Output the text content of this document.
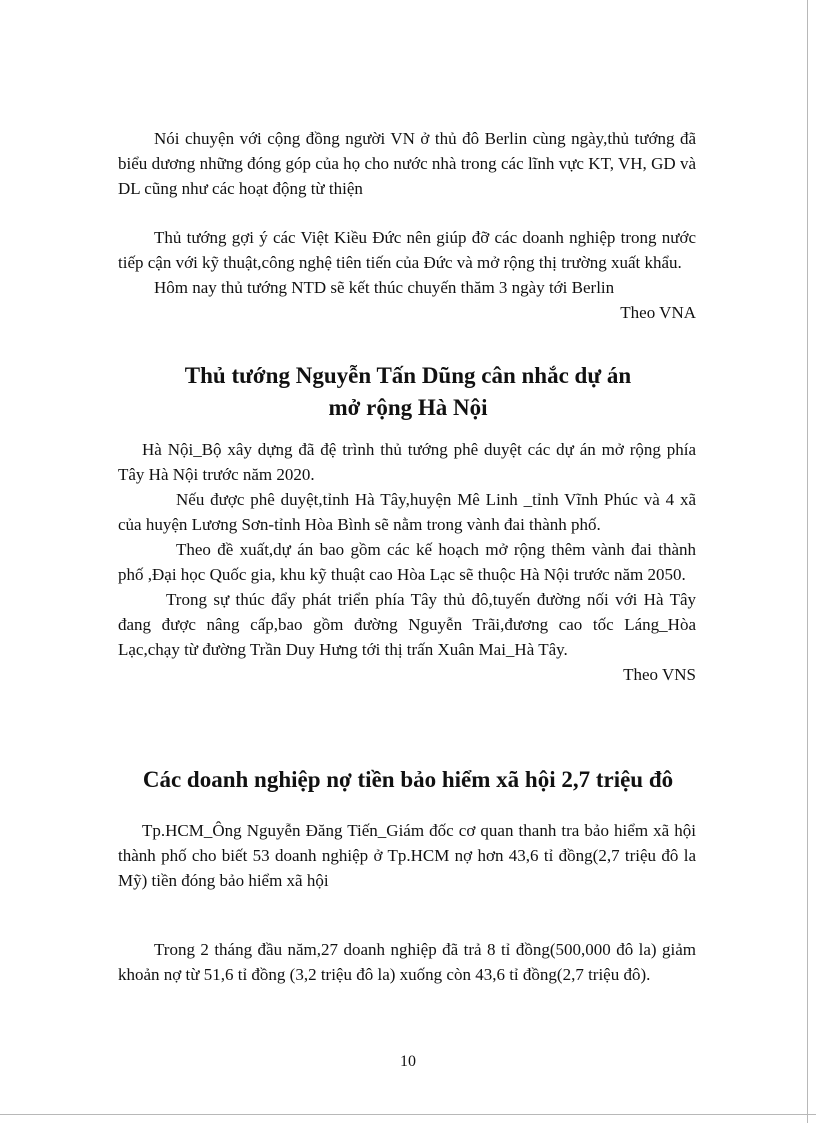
Nói chuyện với cộng đồng người VN ở thủ đô Berlin cùng ngày,thủ tướng đã biểu dương những đóng góp của họ cho nước nhà trong các lĩnh vực KT, VH, GD và DL cũng như các hoạt động từ thiện

Thủ tướng gợi ý các Việt Kiều Đức nên giúp đỡ các doanh nghiệp trong nước tiếp cận với kỹ thuật,công nghệ tiên tiến của Đức và mở rộng thị trường xuất khẩu.

Hôm nay thủ tướng NTD sẽ kết thúc chuyến thăm 3 ngày tới Berlin

Theo VNA

Thủ tướng Nguyễn Tấn Dũng cân nhắc dự án
mở rộng Hà Nội

Hà Nội_Bộ xây dựng đã đệ trình thủ tướng phê duyệt các dự án mở rộng phía Tây Hà Nội trước năm 2020.

Nếu được phê duyệt,tỉnh Hà Tây,huyện Mê Linh _tỉnh Vĩnh Phúc và 4 xã của huyện Lương Sơn-tỉnh Hòa Bình sẽ nằm trong vành đai thành phố.

Theo đề xuất,dự án bao gồm các kế hoạch mở rộng thêm vành đai thành phố ,Đại học Quốc gia, khu kỹ thuật cao Hòa Lạc sẽ thuộc Hà Nội trước năm 2050.

Trong sự thúc đẩy phát triển phía Tây thủ đô,tuyến đường nối với Hà Tây đang được nâng cấp,bao gồm đường Nguyễn Trãi,đương cao tốc Láng_Hòa Lạc,chạy từ đường Trần Duy Hưng tới thị trấn Xuân Mai_Hà Tây.

Theo VNS

Các doanh nghiệp nợ tiền bảo hiểm xã hội 2,7 triệu đô

Tp.HCM_Ông Nguyễn Đăng Tiến_Giám đốc cơ quan thanh tra bảo hiểm xã hội thành phố cho biết 53 doanh nghiệp ở Tp.HCM nợ hơn 43,6 tỉ đồng(2,7 triệu đô la Mỹ) tiền đóng bảo hiểm xã hội

Trong 2 tháng đầu năm,27 doanh nghiệp đã trả 8 tỉ đồng(500,000 đô la) giảm khoản nợ từ 51,6 tỉ đồng (3,2 triệu đô la) xuống còn 43,6 tỉ đồng(2,7 triệu đô).

10
